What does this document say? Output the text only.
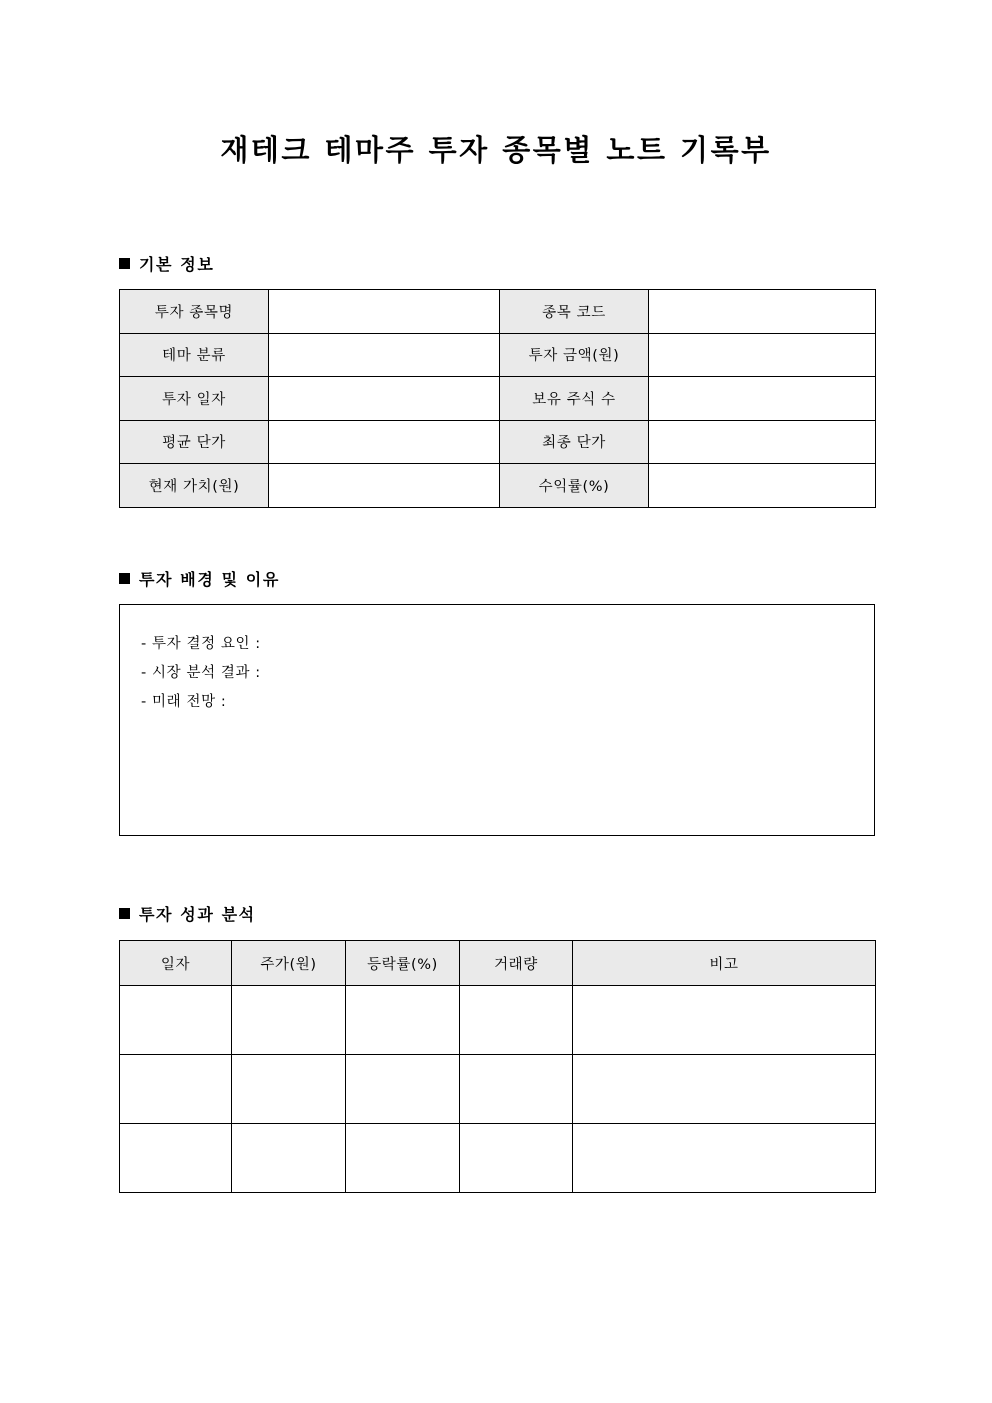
재테크 테마주 투자 종목별 노트 기록부
기본 정보
투자 종목명		종목 코드	
테마 분류		투자 금액(원)	
투자 일자		보유 주식 수	
평균 단가		최종 단가	
현재 가치(원)		수익률(%)	
투자 배경 및 이유
- 투자 결정 요인 :
- 시장 분석 결과 :
- 미래 전망 :
투자 성과 분석
일자	주가(원)	등락률(%)	거래량	비고
